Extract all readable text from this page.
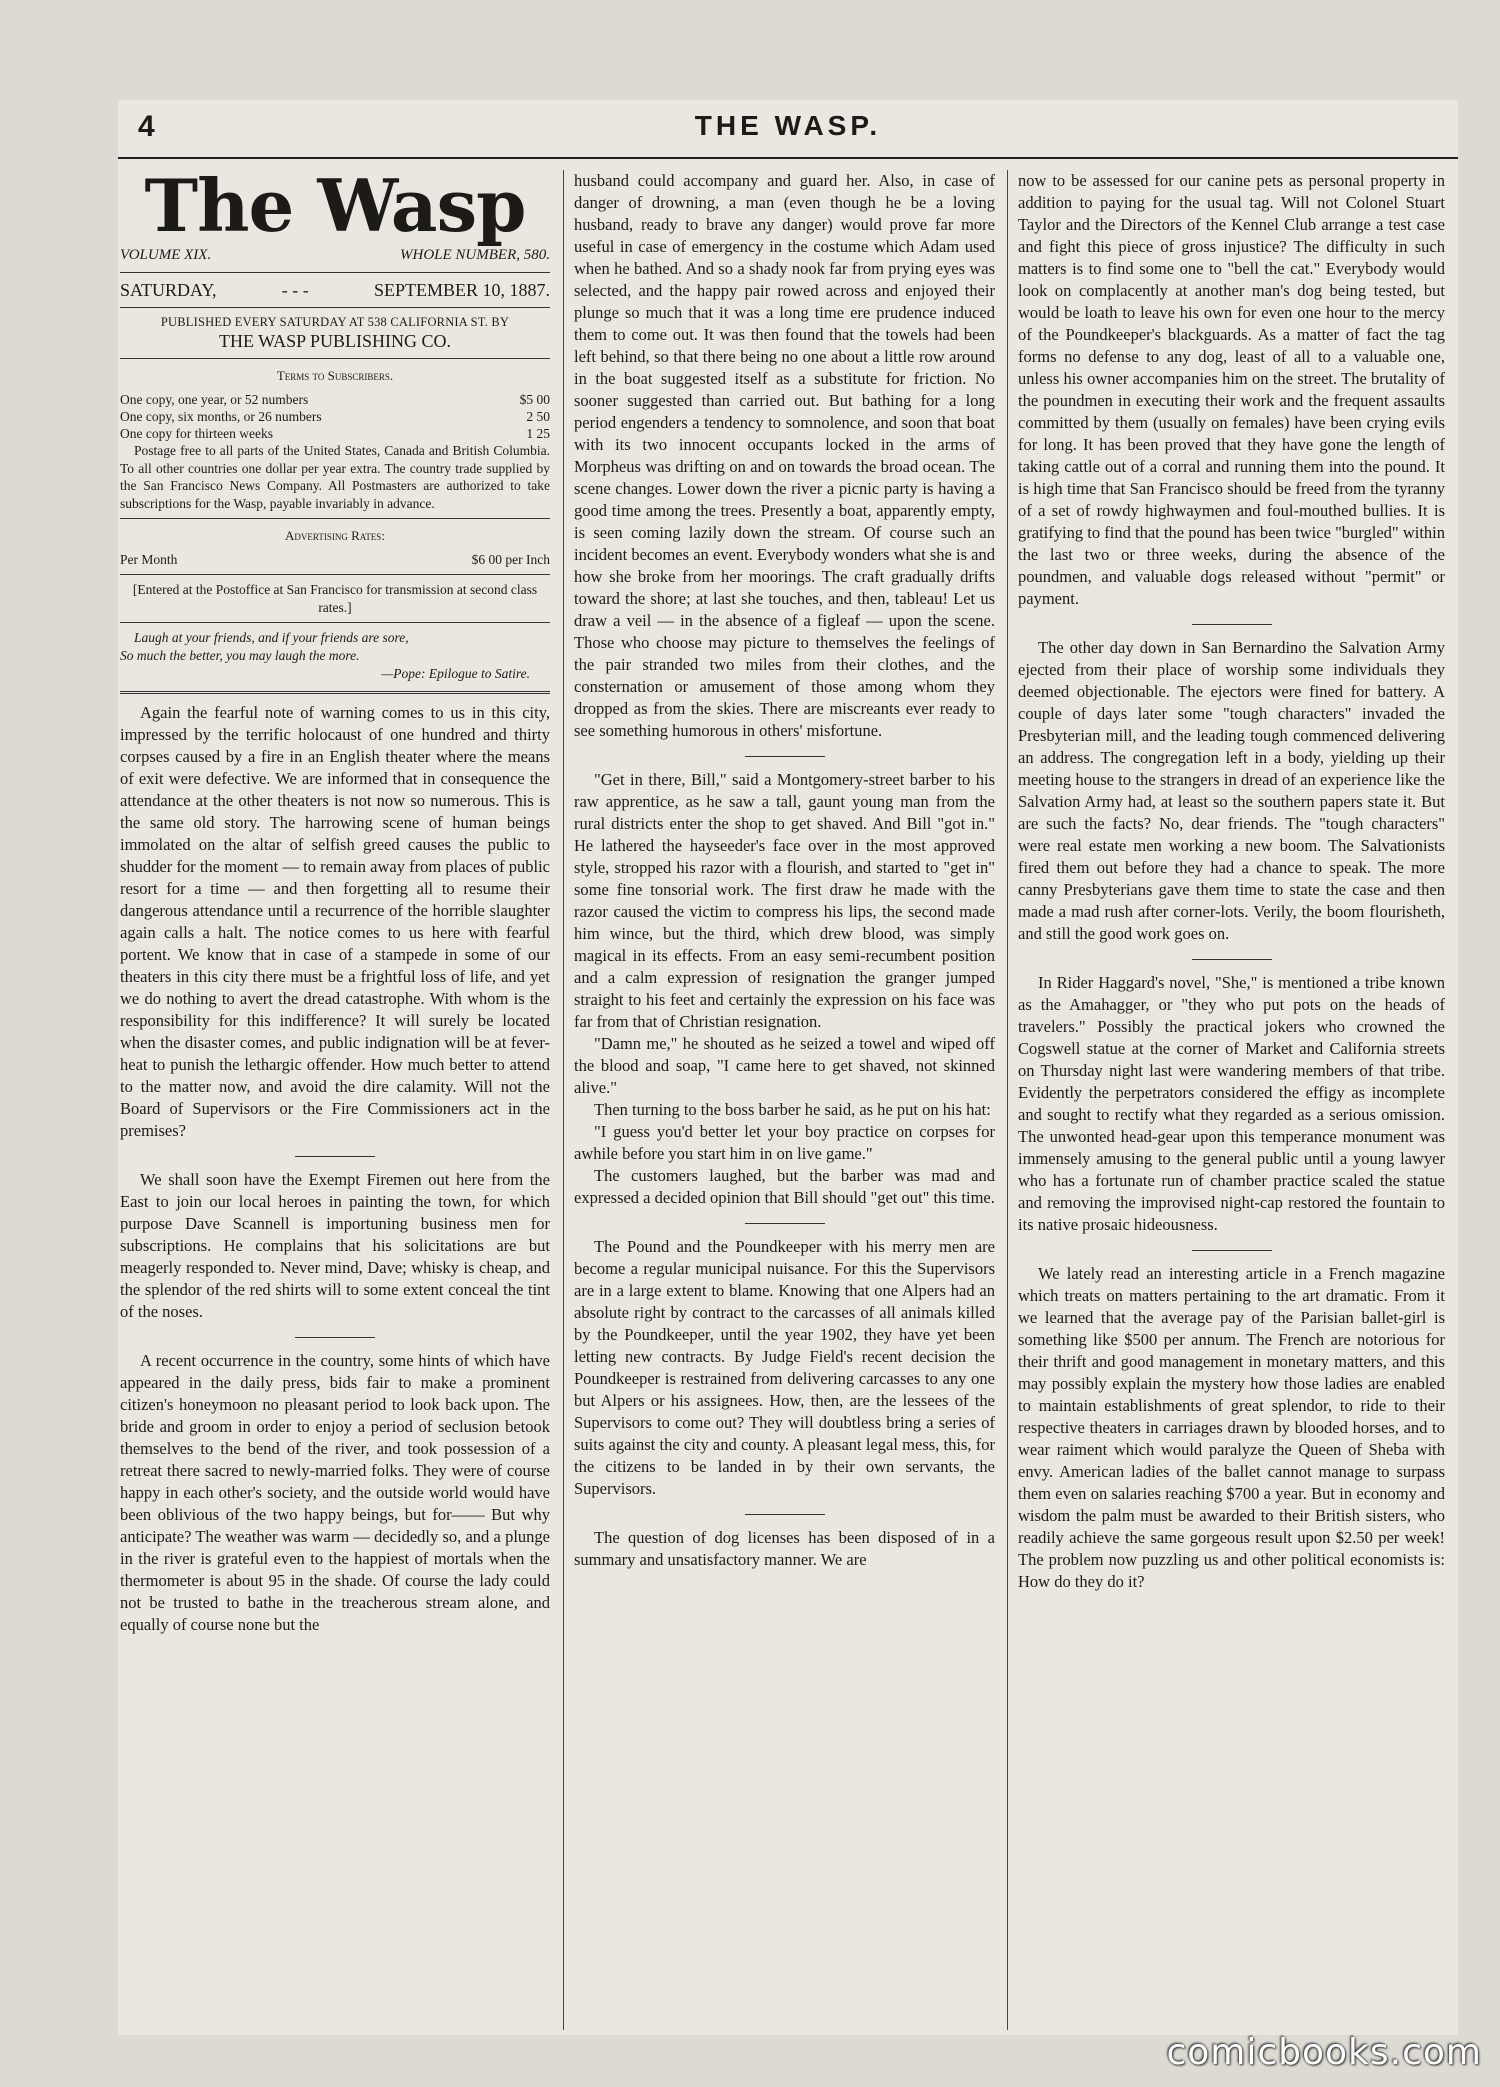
4	THE WASP.
The Wasp
VOLUME XIX.	WHOLE NUMBER, 580.
SATURDAY,	- - -	SEPTEMBER 10, 1887.
PUBLISHED EVERY SATURDAY AT 538 CALIFORNIA ST. BY
THE WASP PUBLISHING CO.
Terms to Subscribers.
One copy, one year, or 52 numbers	$5 00
One copy, six months, or 26 numbers	2 50
One copy for thirteen weeks	1 25

Postage free to all parts of the United States, Canada and British Columbia. To all other countries one dollar per year extra. The country trade supplied by the San Francisco News Company. All Postmasters are authorized to take subscriptions for the Wasp, payable invariably in advance.

Advertising Rates:
Per Month	$6 00 per Inch

[Entered at the Postoffice at San Francisco for transmission at second class rates.]

Laugh at your friends, and if your friends are sore,
So much the better, you may laugh the more.
—Pope: Epilogue to Satire.

Again the fearful note of warning comes to us in this city, impressed by the terrific holocaust of one hundred and thirty corpses caused by a fire in an English theater where the means of exit were defective. We are informed that in consequence the attendance at the other theaters is not now so numerous. This is the same old story. The harrowing scene of human beings immolated on the altar of selfish greed causes the public to shudder for the moment — to remain away from places of public resort for a time — and then forgetting all to resume their dangerous attendance until a recurrence of the horrible slaughter again calls a halt. The notice comes to us here with fearful portent. We know that in case of a stampede in some of our theaters in this city there must be a frightful loss of life, and yet we do nothing to avert the dread catastrophe. With whom is the responsibility for this indifference? It will surely be located when the disaster comes, and public indignation will be at fever-heat to punish the lethargic offender. How much better to attend to the matter now, and avoid the dire calamity. Will not the Board of Supervisors or the Fire Commissioners act in the premises?

We shall soon have the Exempt Firemen out here from the East to join our local heroes in painting the town, for which purpose Dave Scannell is importuning business men for subscriptions. He complains that his solicitations are but meagerly responded to. Never mind, Dave; whisky is cheap, and the splendor of the red shirts will to some extent conceal the tint of the noses.

A recent occurrence in the country, some hints of which have appeared in the daily press, bids fair to make a prominent citizen's honeymoon no pleasant period to look back upon. The bride and groom in order to enjoy a period of seclusion betook themselves to the bend of the river, and took possession of a retreat there sacred to newly-married folks. They were of course happy in each other's society, and the outside world would have been oblivious of the two happy beings, but for—— But why anticipate? The weather was warm — decidedly so, and a plunge in the river is grateful even to the happiest of mortals when the thermometer is about 95 in the shade. Of course the lady could not be trusted to bathe in the treacherous stream alone, and equally of course none but the

husband could accompany and guard her. Also, in case of danger of drowning, a man (even though he be a loving husband, ready to brave any danger) would prove far more useful in case of emergency in the costume which Adam used when he bathed. And so a shady nook far from prying eyes was selected, and the happy pair rowed across and enjoyed their plunge so much that it was a long time ere prudence induced them to come out. It was then found that the towels had been left behind, so that there being no one about a little row around in the boat suggested itself as a substitute for friction. No sooner suggested than carried out. But bathing for a long period engenders a tendency to somnolence, and soon that boat with its two innocent occupants locked in the arms of Morpheus was drifting on and on towards the broad ocean. The scene changes. Lower down the river a picnic party is having a good time among the trees. Presently a boat, apparently empty, is seen coming lazily down the stream. Of course such an incident becomes an event. Everybody wonders what she is and how she broke from her moorings. The craft gradually drifts toward the shore; at last she touches, and then, tableau! Let us draw a veil — in the absence of a figleaf — upon the scene. Those who choose may picture to themselves the feelings of the pair stranded two miles from their clothes, and the consternation or amusement of those among whom they dropped as from the skies. There are miscreants ever ready to see something humorous in others' misfortune.

"Get in there, Bill," said a Montgomery-street barber to his raw apprentice, as he saw a tall, gaunt young man from the rural districts enter the shop to get shaved. And Bill "got in." He lathered the hayseeder's face over in the most approved style, stropped his razor with a flourish, and started to "get in" some fine tonsorial work. The first draw he made with the razor caused the victim to compress his lips, the second made him wince, but the third, which drew blood, was simply magical in its effects. From an easy semi-recumbent position and a calm expression of resignation the granger jumped straight to his feet and certainly the expression on his face was far from that of Christian resignation.

"Damn me," he shouted as he seized a towel and wiped off the blood and soap, "I came here to get shaved, not skinned alive."

Then turning to the boss barber he said, as he put on his hat:

"I guess you'd better let your boy practice on corpses for awhile before you start him in on live game."

The customers laughed, but the barber was mad and expressed a decided opinion that Bill should "get out" this time.

The Pound and the Poundkeeper with his merry men are become a regular municipal nuisance. For this the Supervisors are in a large extent to blame. Knowing that one Alpers had an absolute right by contract to the carcasses of all animals killed by the Poundkeeper, until the year 1902, they have yet been letting new contracts. By Judge Field's recent decision the Poundkeeper is restrained from delivering carcasses to any one but Alpers or his assignees. How, then, are the lessees of the Supervisors to come out? They will doubtless bring a series of suits against the city and county. A pleasant legal mess, this, for the citizens to be landed in by their own servants, the Supervisors.

The question of dog licenses has been disposed of in a summary and unsatisfactory manner. We are

now to be assessed for our canine pets as personal property in addition to paying for the usual tag. Will not Colonel Stuart Taylor and the Directors of the Kennel Club arrange a test case and fight this piece of gross injustice? The difficulty in such matters is to find some one to "bell the cat." Everybody would look on complacently at another man's dog being tested, but would be loath to leave his own for even one hour to the mercy of the Poundkeeper's blackguards. As a matter of fact the tag forms no defense to any dog, least of all to a valuable one, unless his owner accompanies him on the street. The brutality of the poundmen in executing their work and the frequent assaults committed by them (usually on females) have been crying evils for long. It has been proved that they have gone the length of taking cattle out of a corral and running them into the pound. It is high time that San Francisco should be freed from the tyranny of a set of rowdy highwaymen and foul-mouthed bullies. It is gratifying to find that the pound has been twice "burgled" within the last two or three weeks, during the absence of the poundmen, and valuable dogs released without "permit" or payment.

The other day down in San Bernardino the Salvation Army ejected from their place of worship some individuals they deemed objectionable. The ejectors were fined for battery. A couple of days later some "tough characters" invaded the Presbyterian mill, and the leading tough commenced delivering an address. The congregation left in a body, yielding up their meeting house to the strangers in dread of an experience like the Salvation Army had, at least so the southern papers state it. But are such the facts? No, dear friends. The "tough characters" were real estate men working a new boom. The Salvationists fired them out before they had a chance to speak. The more canny Presbyterians gave them time to state the case and then made a mad rush after corner-lots. Verily, the boom flourisheth, and still the good work goes on.

In Rider Haggard's novel, "She," is mentioned a tribe known as the Amahagger, or "they who put pots on the heads of travelers." Possibly the practical jokers who crowned the Cogswell statue at the corner of Market and California streets on Thursday night last were wandering members of that tribe. Evidently the perpetrators considered the effigy as incomplete and sought to rectify what they regarded as a serious omission. The unwonted head-gear upon this temperance monument was immensely amusing to the general public until a young lawyer who has a fortunate run of chamber practice scaled the statue and removing the improvised night-cap restored the fountain to its native prosaic hideousness.

We lately read an interesting article in a French magazine which treats on matters pertaining to the art dramatic. From it we learned that the average pay of the Parisian ballet-girl is something like $500 per annum. The French are notorious for their thrift and good management in monetary matters, and this may possibly explain the mystery how those ladies are enabled to maintain establishments of great splendor, to ride to their respective theaters in carriages drawn by blooded horses, and to wear raiment which would paralyze the Queen of Sheba with envy. American ladies of the ballet cannot manage to surpass them even on salaries reaching $700 a year. But in economy and wisdom the palm must be awarded to their British sisters, who readily achieve the same gorgeous result upon $2.50 per week! The problem now puzzling us and other political economists is: How do they do it?

comicbooks.com
